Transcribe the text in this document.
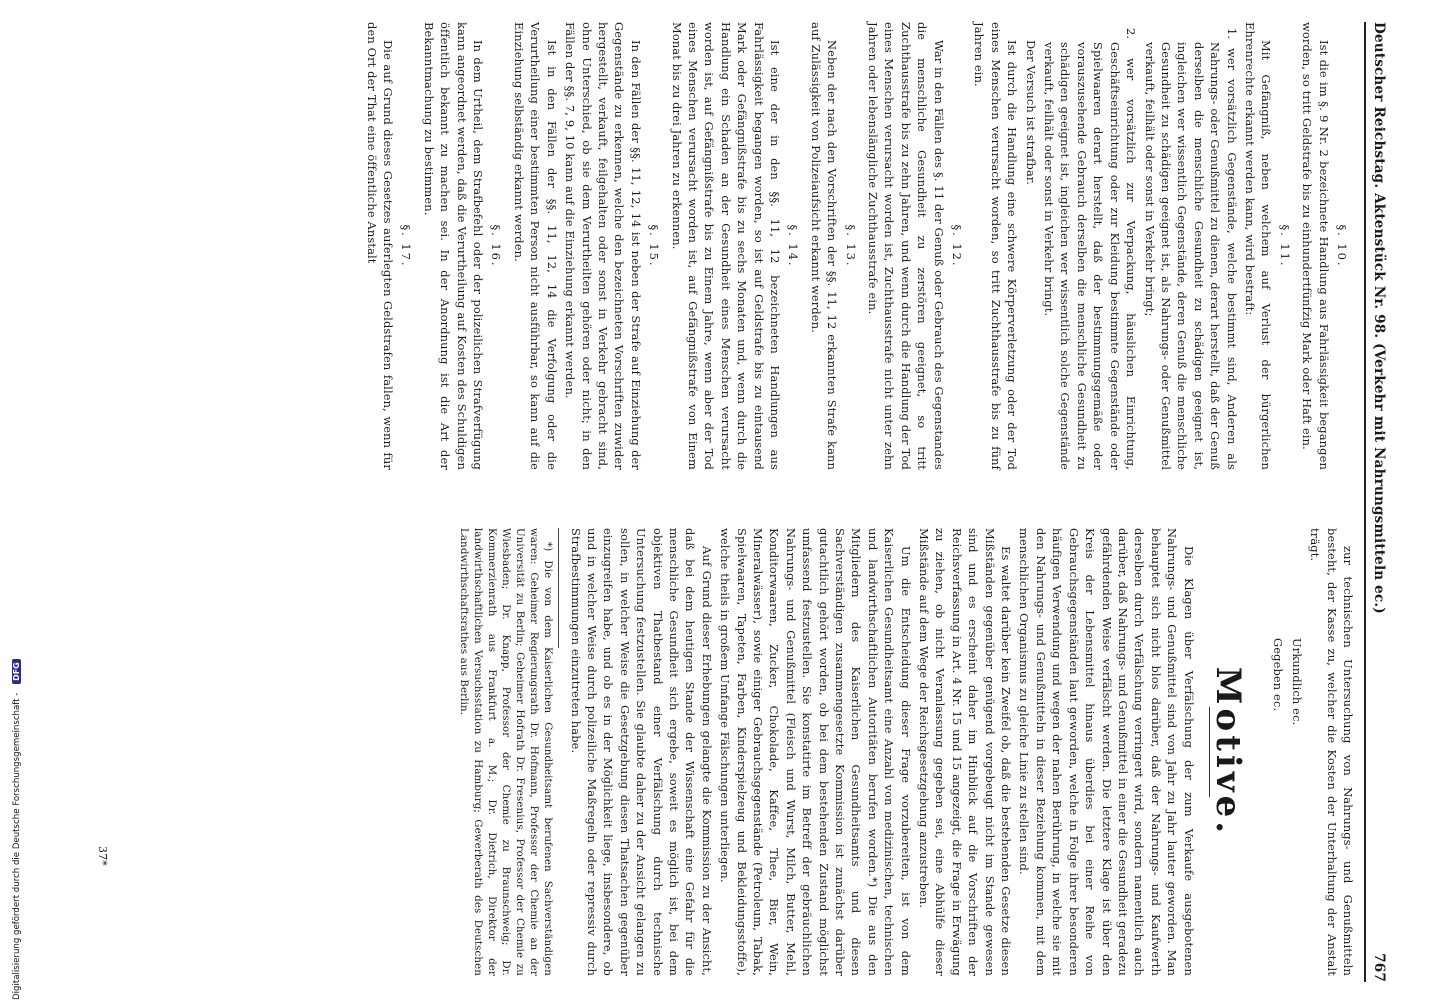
Deutscher Reichstag. Aktenstück Nr. 98. (Verkehr mit Nahrungsmitteln ec.)
767
§. 10.

Ist die im §. 9 Nr. 2 bezeichnete Handlung aus Fahrlässigkeit begangen worden, so tritt Geldstrafe bis zu einhundertfünfzig Mark oder Haft ein.

§. 11.

Mit Gefängniß, neben welchem auf Verlust der bürgerlichen Ehrenrechte erkannt werden kann, wird bestraft:

1. wer vorsätzlich Gegenstände, welche bestimmt sind, Anderen als Nahrungs- oder Genußmittel zu dienen, derart herstellt, daß der Genuß derselben die menschliche Gesundheit zu schädigen geeignet ist, ingleichen wer wissentlich Gegenstände, deren Genuß die menschliche Gesundheit zu schädigen geeignet ist, als Nahrungs- oder Genußmittel verkauft, feilhält oder sonst in Verkehr bringt;

2. wer vorsätzlich zur Verpackung, häuslichen Einrichtung, Geschäftseinrichtung oder zur Kleidung bestimmte Gegenstände oder Spielwaaren derart herstellt, daß der bestimmungsgemäße oder vorauszusehende Gebrauch derselben die menschliche Gesundheit zu schädigen geeignet ist, ingleichen wer wissentlich solche Gegenstände verkauft, feilhält oder sonst in Verkehr bringt.

Der Versuch ist strafbar.

Ist durch die Handlung eine schwere Körperverletzung oder der Tod eines Menschen verursacht worden, so tritt Zuchthausstrafe bis zu fünf Jahren ein.

§. 12.

War in den Fällen des §. 11 der Genuß oder Gebrauch des Gegenstandes die menschliche Gesundheit zu zerstören geeignet, so tritt Zuchthausstrafe bis zu zehn Jahren, und wenn durch die Handlung der Tod eines Menschen verursacht worden ist, Zuchthausstrafe nicht unter zehn Jahren oder lebenslängliche Zuchthausstrafe ein.

§. 13.

Neben der nach den Vorschriften der §§. 11, 12 erkannten Strafe kann auf Zulässigkeit von Polizeiaufsicht erkannt werden.

§. 14.

Ist eine der in den §§. 11, 12 bezeichneten Handlungen aus Fahrlässigkeit begangen worden, so ist auf Geldstrafe bis zu eintausend Mark oder Gefängnißstrafe bis zu sechs Monaten und, wenn durch die Handlung ein Schaden an der Gesundheit eines Menschen verursacht worden ist, auf Gefängnißstrafe bis zu Einem Jahre, wenn aber der Tod eines Menschen verursacht worden ist, auf Gefängnißstrafe von Einem Monat bis zu drei Jahren zu erkennen.

§. 15.

In den Fällen der §§. 11, 12, 14 ist neben der Strafe auf Einziehung der Gegenstände zu erkennen, welche den bezeichneten Vorschriften zuwider hergestellt, verkauft, feilgehalten oder sonst in Verkehr gebracht sind, ohne Unterschied, ob sie dem Verurtheilten gehören oder nicht; in den Fällen der §§. 7, 9, 10 kann auf die Einziehung erkannt werden.

Ist in den Fällen der §§. 11, 12, 14 die Verfolgung oder die Verurtheilung einer bestimmten Person nicht ausführbar, so kann auf die Einziehung selbständig erkannt werden.

§. 16.

In dem Urtheil, dem Strafbefehl oder der polizeilichen Strafverfügung kann angeordnet werden, daß die Verurtheilung auf Kosten des Schuldigen öffentlich bekannt zu machen sei. In der Anordnung ist die Art der Bekanntmachung zu bestimmen.

§. 17.

Die auf Grund dieses Gesetzes auferlegten Geldstrafen fallen, wenn für den Ort der That eine öffentliche Anstalt

zur technischen Untersuchung von Nahrungs- und Genußmitteln besteht, der Kasse zu, welcher die Kosten der Unterhaltung der Anstalt trägt.

Urkundlich ec.
Gegeben ec.
Motive.

Die Klagen über Verfälschung der zum Verkaufe ausgebotenen Nahrungs- und Genußmittel sind von Jahr zu Jahr lauter geworden. Man behauptet sich nicht blos darüber, daß der Nahrungs- und Kaufwerth derselben durch Verfälschung verringert wird, sondern namentlich auch darüber, daß Nahrungs- und Genußmittel in einer die Gesundheit geradezu gefährdenden Weise verfälscht werden. Die letztere Klage ist über den Kreis der Lebensmittel hinaus überdies bei einer Reihe von Gebrauchsgegenständen laut geworden, welche in Folge ihrer besonderen häufigen Verwendung und wegen der nahen Berührung, in welche sie mit den Nahrungs- und Genußmitteln in dieser Beziehung kommen, mit dem menschlichen Organismus zu gleiche Linie zu stellen sind.

Es waltet darüber kein Zweifel ob, daß die bestehenden Gesetze diesen Mißständen gegenüber genügend vorgebeugt nicht im Stande gewesen sind und es erscheint daher im Hinblick auf die Vorschriften der Reichsverfassung in Art. 4 Nr. 15 und 15 angezeigt, die Frage in Erwägung zu ziehen, ob nicht Veranlassung gegeben sei, eine Abhülfe dieser Mißstände auf dem Wege der Reichsgesetzgebung anzustreben.

Um die Entscheidung dieser Frage vorzubereiten, ist von dem Kaiserlichen Gesundheitsamt eine Anzahl von medizinischen, technischen und landwirthschaftlichen Autoritäten berufen worden.*) Die aus den Mitgliedern des Kaiserlichen Gesundheitsamts und diesen Sachverständigen zusammengesetzte Kommission ist zunächst darüber gutachtlich gehört worden, ob bei dem bestehenden Zustand möglichst umfassend festzustellen. Sie konstatirte im Betreff der gebräuchlichen Nahrungs- und Genußmittel (Fleisch und Wurst, Milch, Butter, Mehl, Konditorwaaren, Zucker, Chokolade, Kaffee, Thee, Bier, Wein, Mineralwässer), sowie einiger Gebrauchsgegenstände (Petroleum, Tabak, Spielwaaren, Tapeten, Farben, Kinderspielzeug und Bekleidungsstoffe), welche theils in großem Umfange Fälschungen unterliegen.

Auf Grund dieser Erhebungen gelangte die Kommission zu der Ansicht, daß bei dem heutigen Stande der Wissenschaft eine Gefahr für die menschliche Gesundheit sich ergebe, soweit es möglich ist, bei dem objektiven Thatbestand einer Verfälschung durch technische Untersuchung festzustellen. Sie glaubte daher zu der Ansicht gelangen zu sollen, in welcher Weise die Gesetzgebung diesen Thatsachen gegenüber einzugreifen habe, und ob es in der Möglichkeit liege, insbesondere, ob und in welcher Weise durch polizeiliche Maßregeln oder repressiv durch Strafbestimmungen einzutreten habe.

*) Die von dem Kaiserlichen Gesundheitsamt berufenen Sachverständigen waren: Geheimer Regierungsrath Dr. Hofmann, Professor der Chemie an der Universität zu Berlin; Geheimer Hofrath Dr. Fresenius, Professor der Chemie zu Wiesbaden; Dr. Knapp, Professor der Chemie zu Braunschweig; Dr. Kommerzienrath aus Frankfurt a. M.; Dr. Dietrich, Direktor der landwirthschaftlichen Versuchsstation zu Hamburg; Gewerberath des Deutschen Landwirthschaftsrathes aus Berlin.

37*
Digitalisierung gefördert durch die Deutsche Forschungsgemeinschaft - DFG
